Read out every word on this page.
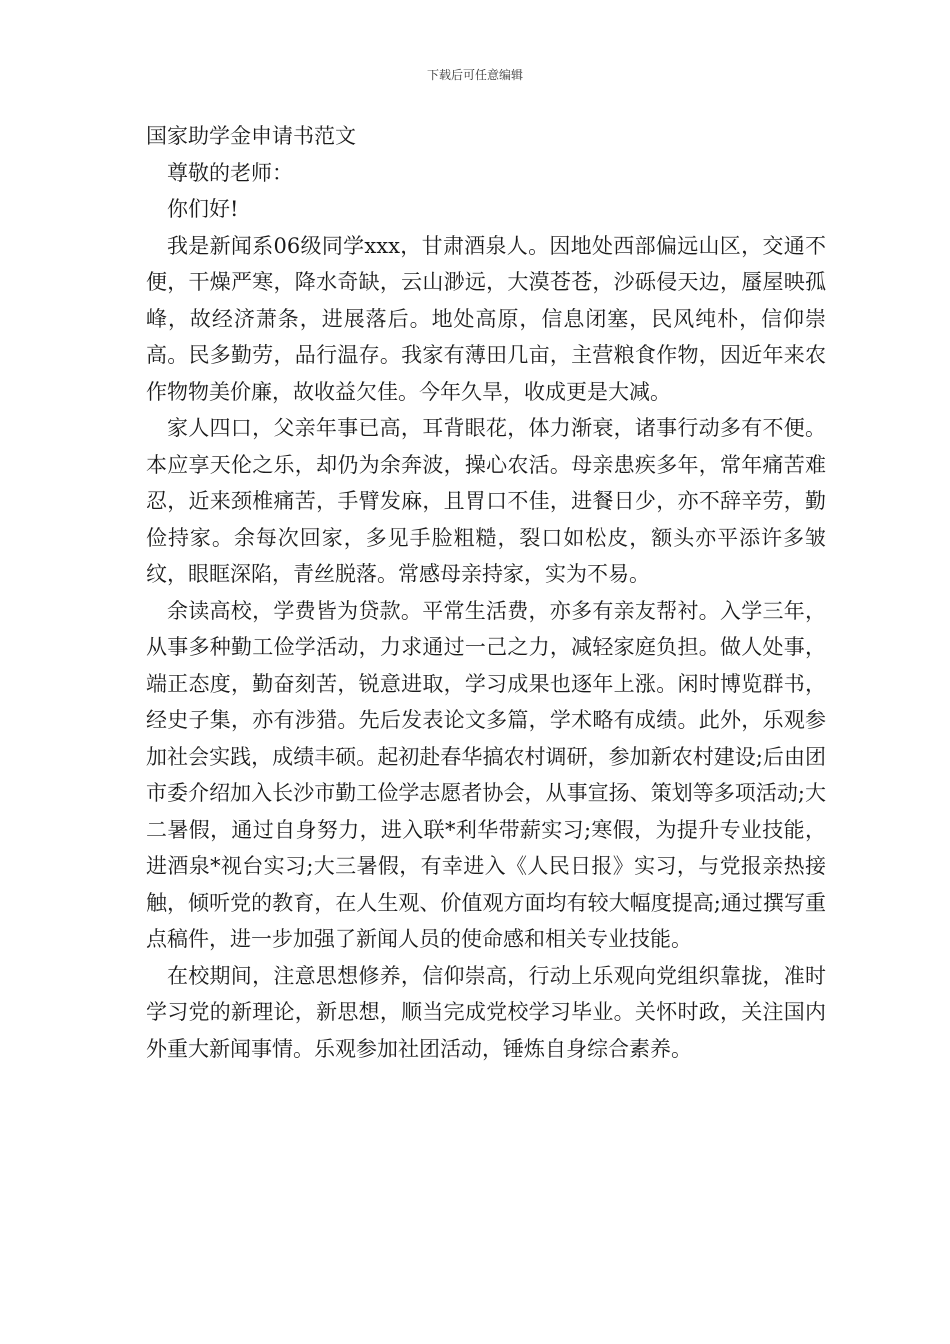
下载后可任意编辑
国家助学金申请书范文

尊敬的老师：

你们好!

我是新闻系06级同学xxx，甘肃酒泉人。因地处西部偏远山区，交通不便，干燥严寒，降水奇缺，云山渺远，大漠苍苍，沙砾侵天边，蜃屋映孤峰，故经济萧条，进展落后。地处高原，信息闭塞，民风纯朴，信仰崇高。民多勤劳，品行温存。我家有薄田几亩，主营粮食作物，因近年来农作物物美价廉，故收益欠佳。今年久旱，收成更是大减。

家人四口，父亲年事已高，耳背眼花，体力渐衰，诸事行动多有不便。本应享天伦之乐，却仍为余奔波，操心农活。母亲患疾多年，常年痛苦难忍，近来颈椎痛苦，手臂发麻，且胃口不佳，进餐日少，亦不辞辛劳，勤俭持家。余每次回家，多见手脸粗糙，裂口如松皮，额头亦平添许多皱纹，眼眶深陷，青丝脱落。常感母亲持家，实为不易。

余读高校，学费皆为贷款。平常生活费，亦多有亲友帮衬。入学三年，从事多种勤工俭学活动，力求通过一己之力，减轻家庭负担。做人处事，端正态度，勤奋刻苦，锐意进取，学习成果也逐年上涨。闲时博览群书，经史子集，亦有涉猎。先后发表论文多篇，学术略有成绩。此外，乐观参加社会实践，成绩丰硕。起初赴春华搞农村调研，参加新农村建设;后由团市委介绍加入长沙市勤工俭学志愿者协会，从事宣扬、策划等多项活动;大二暑假，通过自身努力，进入联*利华带薪实习;寒假，为提升专业技能，进酒泉*视台实习;大三暑假，有幸进入《人民日报》实习，与党报亲热接触，倾听党的教育，在人生观、价值观方面均有较大幅度提高;通过撰写重点稿件，进一步加强了新闻人员的使命感和相关专业技能。

在校期间，注意思想修养，信仰崇高，行动上乐观向党组织靠拢，准时学习党的新理论，新思想，顺当完成党校学习毕业。关怀时政，关注国内外重大新闻事情。乐观参加社团活动，锤炼自身综合素养。
